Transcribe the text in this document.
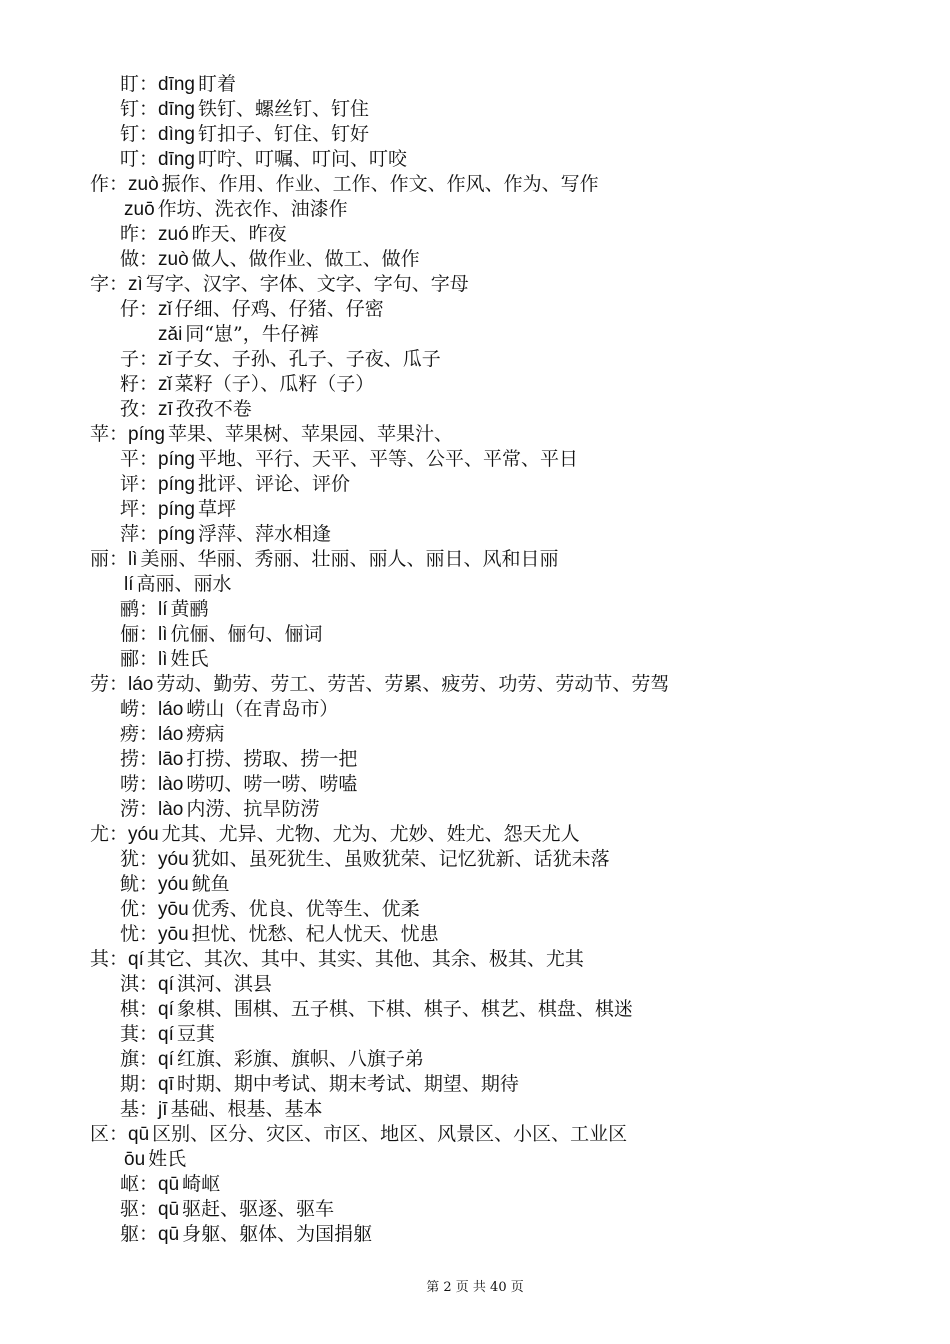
盯：dīng 盯着
钉：dīng 铁钉、螺丝钉、钉住
钉：dìng 钉扣子、钉住、钉好
叮：dīng 叮咛、叮嘱、叮问、叮咬
作：zuò 振作、作用、作业、工作、作文、作风、作为、写作
zuō 作坊、洗衣作、油漆作
昨：zuó 昨天、昨夜
做：zuò 做人、做作业、做工、做作
字：zì 写字、汉字、字体、文字、字句、字母
仔：zǐ 仔细、仔鸡、仔猪、仔密
zǎi 同“崽”，牛仔裤
子：zǐ 子女、子孙、孔子、子夜、瓜子
籽：zǐ 菜籽（子）、瓜籽（子）
孜：zī 孜孜不卷
苹：píng 苹果、苹果树、苹果园、苹果汁、
平：píng 平地、平行、天平、平等、公平、平常、平日
评：píng 批评、评论、评价
坪：píng 草坪
萍：píng 浮萍、萍水相逢
丽：lì 美丽、华丽、秀丽、壮丽、丽人、丽日、风和日丽
lí 高丽、丽水
鹂：lí 黄鹂
俪：lì 伉俪、俪句、俪词
郦：lì 姓氏
劳：láo 劳动、勤劳、劳工、劳苦、劳累、疲劳、功劳、劳动节、劳驾
崂：láo 崂山（在青岛市）
痨：láo 痨病
捞：lāo 打捞、捞取、捞一把
唠：lào 唠叨、唠一唠、唠嗑
涝：lào 内涝、抗旱防涝
尤：yóu 尤其、尤异、尤物、尤为、尤妙、姓尤、怨天尤人
犹：yóu 犹如、虽死犹生、虽败犹荣、记忆犹新、话犹未落
鱿：yóu 鱿鱼
优：yōu 优秀、优良、优等生、优柔
忧：yōu 担忧、忧愁、杞人忧天、忧患
其：qí 其它、其次、其中、其实、其他、其余、极其、尤其
淇：qí 淇河、淇县
棋：qí 象棋、围棋、五子棋、下棋、棋子、棋艺、棋盘、棋迷
萁：qí 豆萁
旗：qí 红旗、彩旗、旗帜、八旗子弟
期：qī 时期、期中考试、期末考试、期望、期待
基：jī 基础、根基、基本
区：qū 区别、区分、灾区、市区、地区、风景区、小区、工业区
ōu 姓氏
岖：qū 崎岖
驱：qū 驱赶、驱逐、驱车
躯：qū 身躯、躯体、为国捐躯
第 2 页 共 40 页
